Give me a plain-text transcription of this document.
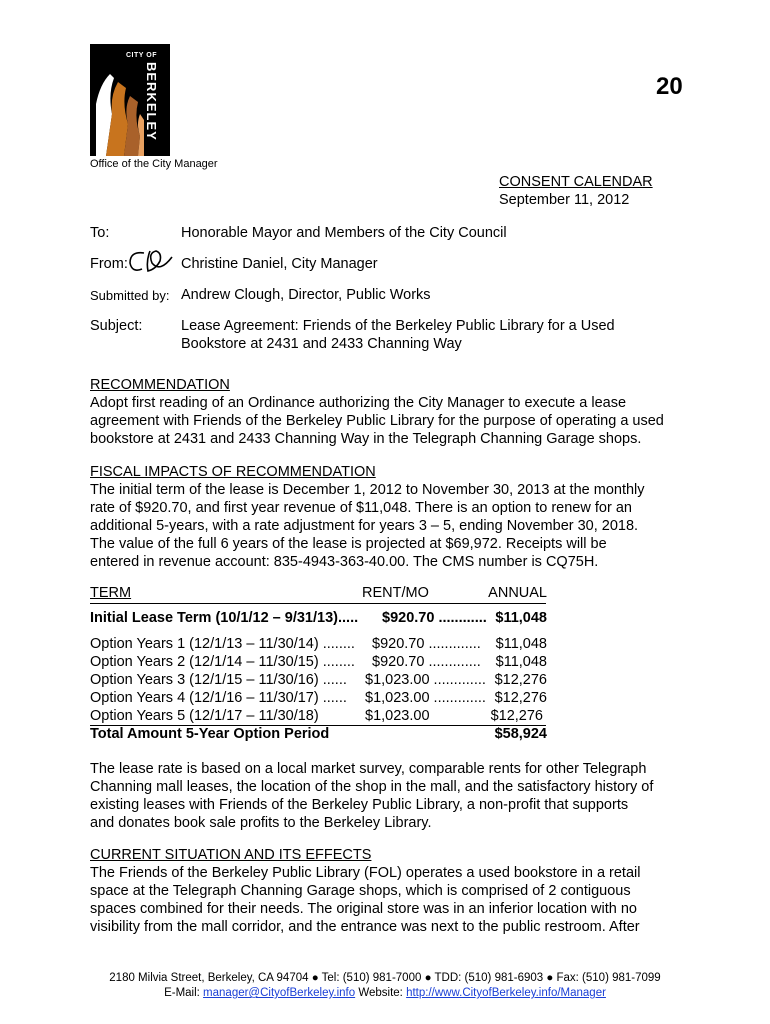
CITY OF
BERKELEY
Office of the City Manager
20
CONSENT CALENDAR
September 11, 2012
To:	Honorable Mayor and Members of the City Council
From:	Christine Daniel, City Manager
Submitted by: Andrew Clough, Director, Public Works
Subject:	Lease Agreement: Friends of the Berkeley Public Library for a Used
Bookstore at 2431 and 2433 Channing Way
RECOMMENDATION
Adopt first reading of an Ordinance authorizing the City Manager to execute a lease
agreement with Friends of the Berkeley Public Library for the purpose of operating a used
bookstore at 2431 and 2433 Channing Way in the Telegraph Channing Garage shops.
FISCAL IMPACTS OF RECOMMENDATION
The initial term of the lease is December 1, 2012 to November 30, 2013 at the monthly
rate of $920.70, and first year revenue of $11,048. There is an option to renew for an
additional 5-years, with a rate adjustment for years 3 – 5, ending November 30, 2018.
The value of the full 6 years of the lease is projected at $69,972. Receipts will be
entered in revenue account: 835-4943-363-40.00. The CMS number is CQ75H.
TERM	RENT/MO	ANNUAL
Initial Lease Term (10/1/12 – 9/31/13)..... $920.70 ............ $11,048
Option Years 1 (12/1/13 – 11/30/14) ........ $920.70 ............. $11,048
Option Years 2 (12/1/14 – 11/30/15) ........ $920.70 ............. $11,048
Option Years 3 (12/1/15 – 11/30/16) ...... $1,023.00 ............. $12,276
Option Years 4 (12/1/16 – 11/30/17) ...... $1,023.00 ............. $12,276
Option Years 5 (12/1/17 – 11/30/18)	$1,023.00	$12,276
Total Amount 5-Year Option Period	$58,924
The lease rate is based on a local market survey, comparable rents for other Telegraph
Channing mall leases, the location of the shop in the mall, and the satisfactory history of
existing leases with Friends of the Berkeley Public Library, a non-profit that supports
and donates book sale profits to the Berkeley Library.
CURRENT SITUATION AND ITS EFFECTS
The Friends of the Berkeley Public Library (FOL) operates a used bookstore in a retail
space at the Telegraph Channing Garage shops, which is comprised of 2 contiguous
spaces combined for their needs. The original store was in an inferior location with no
visibility from the mall corridor, and the entrance was next to the public restroom. After
2180 Milvia Street, Berkeley, CA 94704 ● Tel: (510) 981-7000 ● TDD: (510) 981-6903 ● Fax: (510) 981-7099
E-Mail: manager@CityofBerkeley.info Website: http://www.CityofBerkeley.info/Manager
